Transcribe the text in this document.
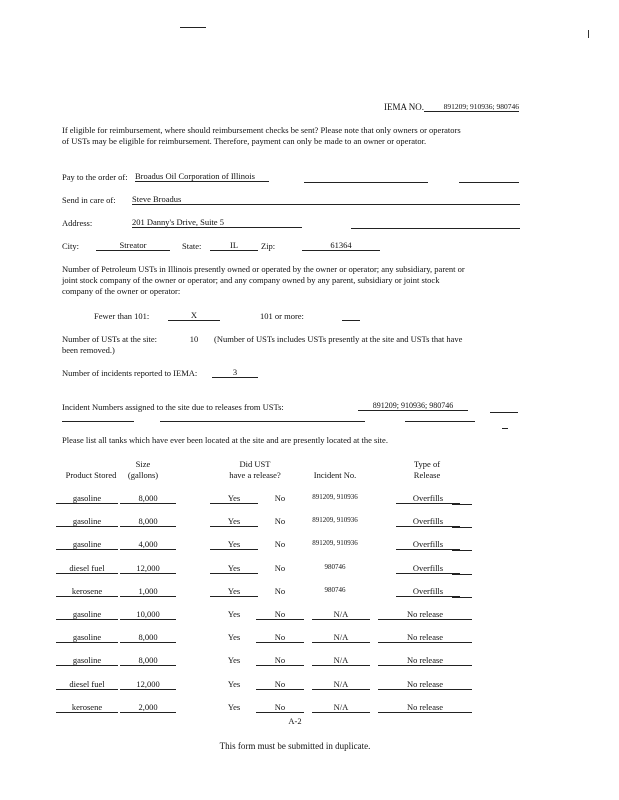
IEMA NO.	891209; 910936; 980746
If eligible for reimbursement, where should reimbursement checks be sent? Please note that only owners or operators of USTs may be eligible for reimbursement. Therefore, payment can only be made to an owner or operator.
Pay to the order of: Broadus Oil Corporation of Illinois
Send in care of: Steve Broadus
Address:	201 Danny's Drive, Suite 5
City:	Streator	State:	IL	Zip:	61364
Number of Petroleum USTs in Illinois presently owned or operated by the owner or operator; any subsidiary, parent or joint stock company of the owner or operator; and any company owned by any parent, subsidiary or joint stock company of the owner or operator:
Fewer than 101:	X	101 or more:
Number of USTs at the site:	10	(Number of USTs includes USTs presently at the site and USTs that have been removed.)
Number of incidents reported to IEMA:	3
Incident Numbers assigned to the site due to releases from USTs:	891209; 910936; 980746
Please list all tanks which have ever been located at the site and are presently located at the site.
Product Stored
Size
(gallons)
Did UST
have a release?	Incident No.
Type of
Release
gasoline	8,000	Yes	No	891209, 910936	Overfills
gasoline	8,000	Yes	No	891209, 910936	Overfills
gasoline	4,000	Yes	No	891209, 910936	Overfills
diesel fuel	12,000	Yes	No	980746	Overfills
kerosene	1,000	Yes	No	980746	Overfills
gasoline	10,000	Yes	No	N/A	No release
gasoline	8,000	Yes	No	N/A	No release
gasoline	8,000	Yes	No	N/A	No release
diesel fuel	12,000	Yes	No	N/A	No release
kerosene	2,000	Yes	No	N/A	No release
A-2
This form must be submitted in duplicate.
